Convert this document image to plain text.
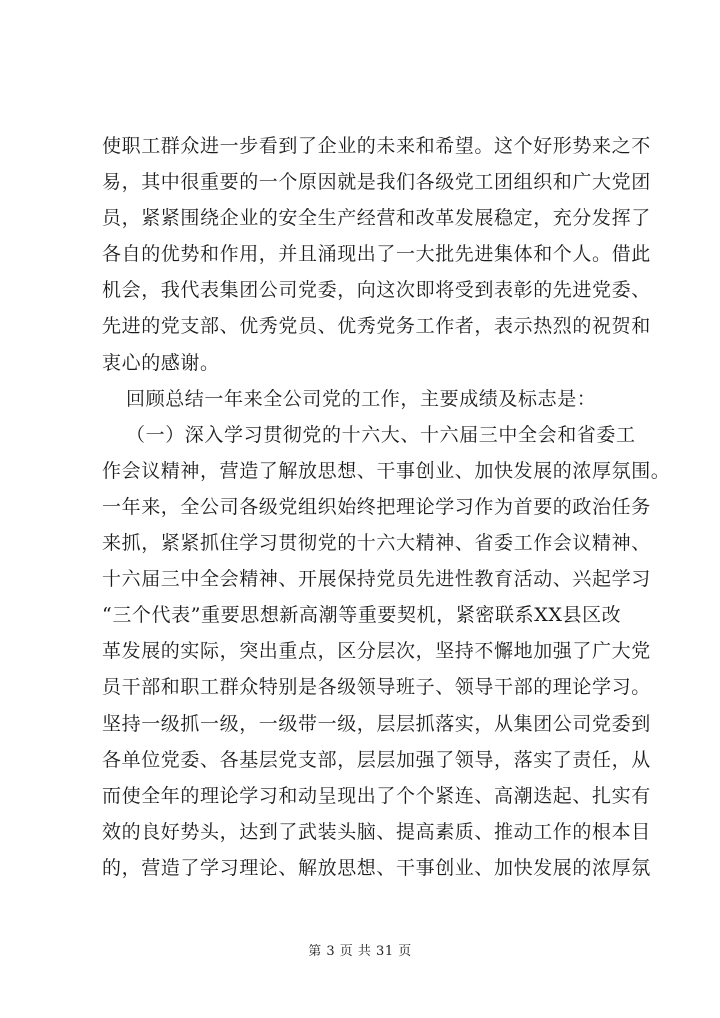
使职工群众进一步看到了企业的未来和希望。这个好形势来之不
易，其中很重要的一个原因就是我们各级党工团组织和广大党团
员，紧紧围绕企业的安全生产经营和改革发展稳定，充分发挥了
各自的优势和作用，并且涌现出了一大批先进集体和个人。借此
机会，我代表集团公司党委，向这次即将受到表彰的先进党委、
先进的党支部、优秀党员、优秀党务工作者，表示热烈的祝贺和
衷心的感谢。
回顾总结一年来全公司党的工作，主要成绩及标志是：
（一）深入学习贯彻党的十六大、十六届三中全会和省委工
作会议精神，营造了解放思想、干事创业、加快发展的浓厚氛围。
一年来，全公司各级党组织始终把理论学习作为首要的政治任务
来抓，紧紧抓住学习贯彻党的十六大精神、省委工作会议精神、
十六届三中全会精神、开展保持党员先进性教育活动、兴起学习
“三个代表”重要思想新高潮等重要契机，紧密联系XX县区改
革发展的实际，突出重点，区分层次，坚持不懈地加强了广大党
员干部和职工群众特别是各级领导班子、领导干部的理论学习。
坚持一级抓一级，一级带一级，层层抓落实，从集团公司党委到
各单位党委、各基层党支部，层层加强了领导，落实了责任，从
而使全年的理论学习和动呈现出了个个紧连、高潮迭起、扎实有
效的良好势头，达到了武装头脑、提高素质、推动工作的根本目
的，营造了学习理论、解放思想、干事创业、加快发展的浓厚氛
第 3 页 共 31 页
